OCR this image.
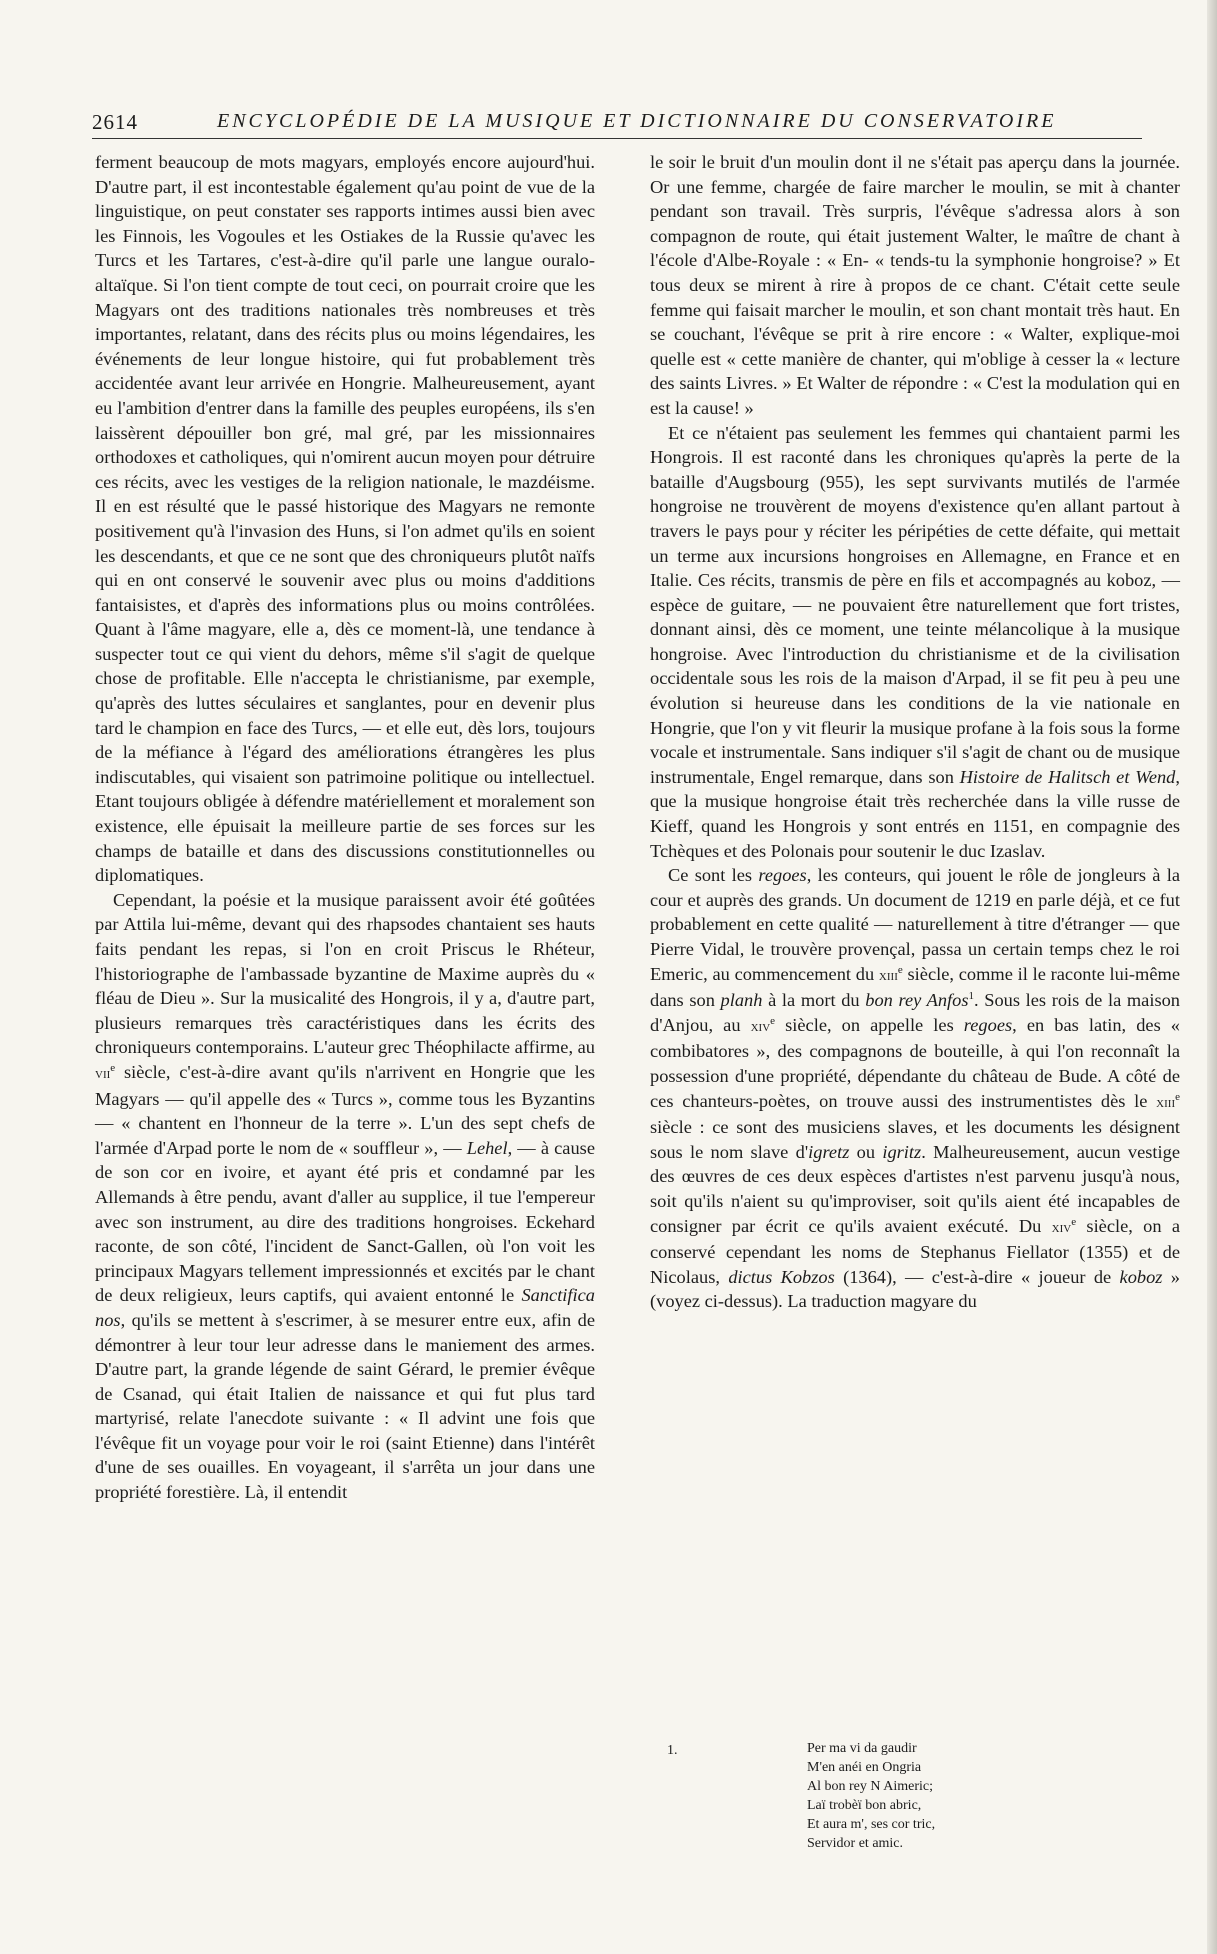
2614	ENCYCLOPÉDIE DE LA MUSIQUE ET DICTIONNAIRE DU CONSERVATOIRE

ferment beaucoup de mots magyars, employés encore aujourd'hui. D'autre part, il est incontestable également qu'au point de vue de la linguistique, on peut constater ses rapports intimes aussi bien avec les Finnois, les Vogoules et les Ostiakes de la Russie qu'avec les Turcs et les Tartares, c'est-à-dire qu'il parle une langue ouralo-altaïque. Si l'on tient compte de tout ceci, on pourrait croire que les Magyars ont des traditions nationales très nombreuses et très importantes, relatant, dans des récits plus ou moins légendaires, les événements de leur longue histoire, qui fut probablement très accidentée avant leur arrivée en Hongrie. Malheureusement, ayant eu l'ambition d'entrer dans la famille des peuples européens, ils s'en laissèrent dépouiller bon gré, mal gré, par les missionnaires orthodoxes et catholiques, qui n'omirent aucun moyen pour détruire ces récits, avec les vestiges de la religion nationale, le mazdéisme. Il en est résulté que le passé historique des Magyars ne remonte positivement qu'à l'invasion des Huns, si l'on admet qu'ils en soient les descendants, et que ce ne sont que des chroniqueurs plutôt naïfs qui en ont conservé le souvenir avec plus ou moins d'additions fantaisistes, et d'après des informations plus ou moins contrôlées. Quant à l'âme magyare, elle a, dès ce moment-là, une tendance à suspecter tout ce qui vient du dehors, même s'il s'agit de quelque chose de profitable. Elle n'accepta le christianisme, par exemple, qu'après des luttes séculaires et sanglantes, pour en devenir plus tard le champion en face des Turcs, — et elle eut, dès lors, toujours de la méfiance à l'égard des améliorations étrangères les plus indiscutables, qui visaient son patrimoine politique ou intellectuel. Etant toujours obligée à défendre matériellement et moralement son existence, elle épuisait la meilleure partie de ses forces sur les champs de bataille et dans des discussions constitutionnelles ou diplomatiques.

Cependant, la poésie et la musique paraissent avoir été goûtées par Attila lui-même, devant qui des rhapsodes chantaient ses hauts faits pendant les repas, si l'on en croit Priscus le Rhéteur, l'historiographe de l'ambassade byzantine de Maxime auprès du « fléau de Dieu ». Sur la musicalité des Hongrois, il y a, d'autre part, plusieurs remarques très caractéristiques dans les écrits des chroniqueurs contemporains. L'auteur grec Théophilacte affirme, au vii$^e$ siècle, c'est-à-dire avant qu'ils n'arrivent en Hongrie que les Magyars — qu'il appelle des « Turcs », comme tous les Byzantins — « chantent en l'honneur de la terre ». L'un des sept chefs de l'armée d'Arpad porte le nom de « souffleur », — Lehel, — à cause de son cor en ivoire, et ayant été pris et condamné par les Allemands à être pendu, avant d'aller au supplice, il tue l'empereur avec son instrument, au dire des traditions hongroises. Eckehard raconte, de son côté, l'incident de Sanct-Gallen, où l'on voit les principaux Magyars tellement impressionnés et excités par le chant de deux religieux, leurs captifs, qui avaient entonné le Sanctifica nos, qu'ils se mettent à s'escrimer, à se mesurer entre eux, afin de démontrer à leur tour leur adresse dans le maniement des armes. D'autre part, la grande légende de saint Gérard, le premier évêque de Csanad, qui était Italien de naissance et qui fut plus tard martyrisé, relate l'anecdote suivante : « Il advint une fois que l'évêque fit un voyage pour voir le roi (saint Etienne) dans l'intérêt d'une de ses ouailles. En voyageant, il s'arrêta un jour dans une propriété forestière. Là, il entendit

le soir le bruit d'un moulin dont il ne s'était pas aperçu dans la journée. Or une femme, chargée de faire marcher le moulin, se mit à chanter pendant son travail. Très surpris, l'évêque s'adressa alors à son compagnon de route, qui était justement Walter, le maître de chant à l'école d'Albe-Royale : « En- « tends-tu la symphonie hongroise? » Et tous deux se mirent à rire à propos de ce chant. C'était cette seule femme qui faisait marcher le moulin, et son chant montait très haut. En se couchant, l'évêque se prit à rire encore : « Walter, explique-moi quelle est « cette manière de chanter, qui m'oblige à cesser la « lecture des saints Livres. » Et Walter de répondre : « C'est la modulation qui en est la cause! »

Et ce n'étaient pas seulement les femmes qui chantaient parmi les Hongrois. Il est raconté dans les chroniques qu'après la perte de la bataille d'Augsbourg (955), les sept survivants mutilés de l'armée hongroise ne trouvèrent de moyens d'existence qu'en allant partout à travers le pays pour y réciter les péripéties de cette défaite, qui mettait un terme aux incursions hongroises en Allemagne, en France et en Italie. Ces récits, transmis de père en fils et accompagnés au koboz, — espèce de guitare, — ne pouvaient être naturellement que fort tristes, donnant ainsi, dès ce moment, une teinte mélancolique à la musique hongroise. Avec l'introduction du christianisme et de la civilisation occidentale sous les rois de la maison d'Arpad, il se fit peu à peu une évolution si heureuse dans les conditions de la vie nationale en Hongrie, que l'on y vit fleurir la musique profane à la fois sous la forme vocale et instrumentale. Sans indiquer s'il s'agit de chant ou de musique instrumentale, Engel remarque, dans son Histoire de Halitsch et Wend, que la musique hongroise était très recherchée dans la ville russe de Kieff, quand les Hongrois y sont entrés en 1151, en compagnie des Tchèques et des Polonais pour soutenir le duc Izaslav.

Ce sont les regoes, les conteurs, qui jouent le rôle de jongleurs à la cour et auprès des grands. Un document de 1219 en parle déjà, et ce fut probablement en cette qualité — naturellement à titre d'étranger — que Pierre Vidal, le trouvère provençal, passa un certain temps chez le roi Emeric, au commencement du xiii$^e$ siècle, comme il le raconte lui-même dans son planh à la mort du bon rey Anfos$^1$. Sous les rois de la maison d'Anjou, au xiv$^e$ siècle, on appelle les regoes, en bas latin, des « combibatores », des compagnons de bouteille, à qui l'on reconnaît la possession d'une propriété, dépendante du château de Bude. A côté de ces chanteurs-poètes, on trouve aussi des instrumentistes dès le xiii$^e$ siècle : ce sont des musiciens slaves, et les documents les désignent sous le nom slave d'igretz ou igritz. Malheureusement, aucun vestige des œuvres de ces deux espèces d'artistes n'est parvenu jusqu'à nous, soit qu'ils n'aient su qu'improviser, soit qu'ils aient été incapables de consigner par écrit ce qu'ils avaient exécuté. Du xiv$^e$ siècle, on a conservé cependant les noms de Stephanus Fiellator (1355) et de Nicolaus, dictus Kobzos (1364), — c'est-à-dire « joueur de koboz » (voyez ci-dessus). La traduction magyare du

1.	Per ma vi da gaudir
M'en anéi en Ongria
Al bon rey N Aimeric;
Laï trobèï bon abric,
Et aura m', ses cor tric,
Servidor et amic.
